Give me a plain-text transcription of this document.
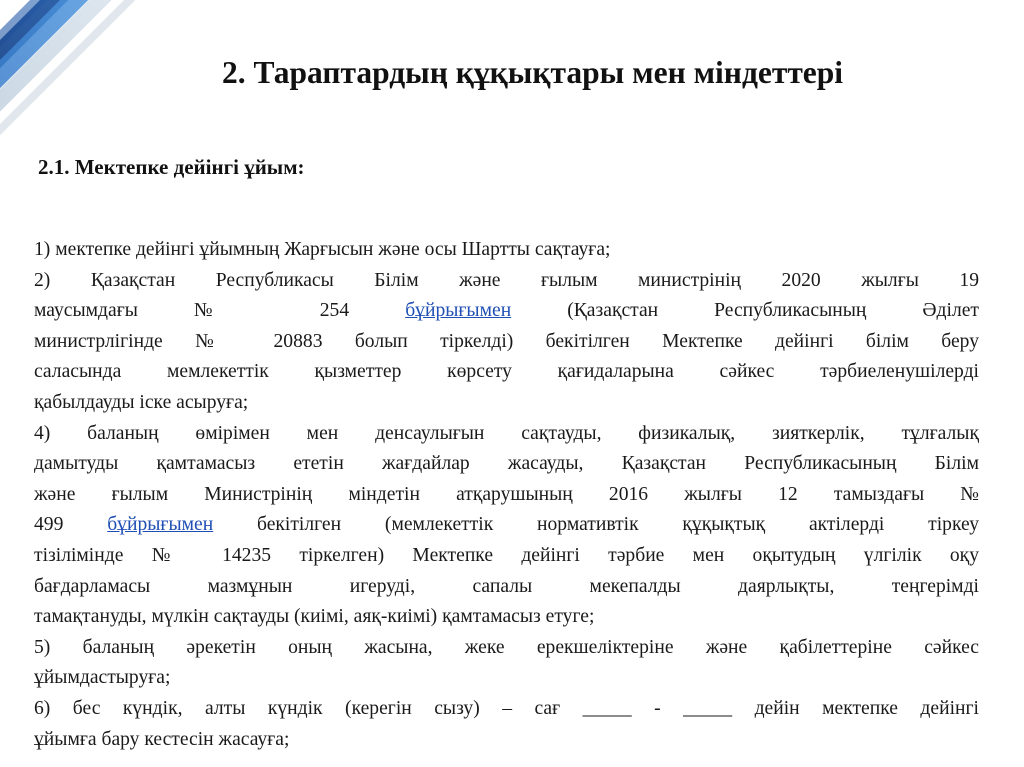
2. Тараптардың құқықтары мен міндеттері
2.1. Мектепке дейінгі ұйым:
1) мектепке дейінгі ұйымның Жарғысын және осы Шартты сақтауға;
2) Қазақстан Республикасы Білім және ғылым министрінің 2020 жылғы 19
маусымдағы № 254 бұйрығымен (Қазақстан Республикасының Әділет
министрлігінде № 20883 болып тіркелді) бекітілген Мектепке дейінгі білім беру
саласында мемлекеттік қызметтер көрсету қағидаларына сәйкес тәрбиеленушілерді
қабылдауды іске асыруға;
4) баланың өмірімен мен денсаулығын сақтауды, физикалық, зияткерлік, тұлғалық
дамытуды қамтамасыз ететін жағдайлар жасауды, Қазақстан Республикасының Білім
және ғылым Министрінің міндетін атқарушының 2016 жылғы 12 тамыздағы №
499 бұйрығымен бекітілген (мемлекеттік нормативтік құқықтық актілерді тіркеу
тізілімінде № 14235 тіркелген) Мектепке дейінгі тәрбие мен оқытудың үлгілік оқу
бағдарламасы мазмұнын игеруді, сапалы мекепалды даярлықты, теңгерімді
тамақтануды, мүлкін сақтауды (киімі, аяқ-киімі) қамтамасыз етуге;
5) баланың әрекетін оның жасына, жеке ерекшеліктеріне және қабілеттеріне сәйкес
ұйымдастыруға;
6) бес күндік, алты күндік (керегін сызу) – сағ _____ - _____ дейін мектепке дейінгі
ұйымға бару кестесін жасауға;
